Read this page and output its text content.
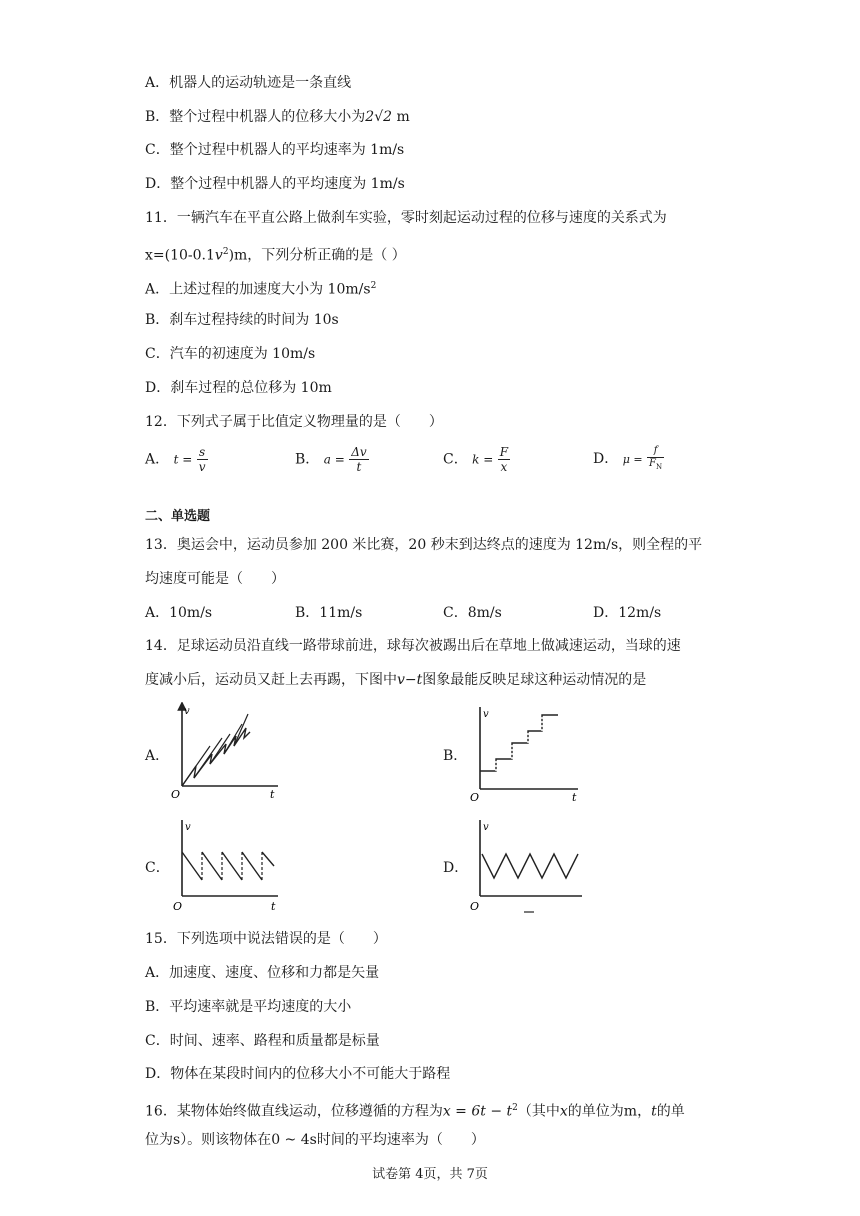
A．机器人的运动轨迹是一条直线
B．整个过程中机器人的位移大小为2√2 m
C．整个过程中机器人的平均速率为 1m/s
D．整个过程中机器人的平均速度为 1m/s
11．一辆汽车在平直公路上做刹车实验，零时刻起运动过程的位移与速度的关系式为
$x=(10-0.1v^2)m$，下列分析正确的是（ ）
A．上述过程的加速度大小为 $10m/s^2$
B．刹车过程持续的时间为 10s
C．汽车的初速度为 10m/s
D．刹车过程的总位移为 10m
12．下列式子属于比值定义物理量的是（　　）
A． $t = \frac{s}{v}$	B． $a = \frac{\Delta v}{t}$	C． $k = \frac{F}{x}$	D． $\mu = \frac{f}{F_N}$
二、单选题
13．奥运会中，运动员参加 200 米比赛，20 秒末到达终点的速度为 12m/s，则全程的平
均速度可能是（　　）
A．10m/s	B．11m/s	C．8m/s	D．12m/s
14．足球运动员沿直线一路带球前进，球每次被踢出后在草地上做减速运动，当球的速
度减小后，运动员又赶上去再踢，下图中v−t图象最能反映足球这种运动情况的是
A．	B．
C．	D．
v
t
O
v
t
O
v
t
O
v
O
15．下列选项中说法错误的是（　　）
A．加速度、速度、位移和力都是矢量
B．平均速率就是平均速度的大小
C．时间、速率、路程和质量都是标量
D．物体在某段时间内的位移大小不可能大于路程
16．某物体始终做直线运动，位移遵循的方程为$x = 6t - t^2$（其中x的单位为m，t的单
位为s）。则该物体在0 ~ 4s时间的平均速率为（　　）
试卷第 4页，共 7页
